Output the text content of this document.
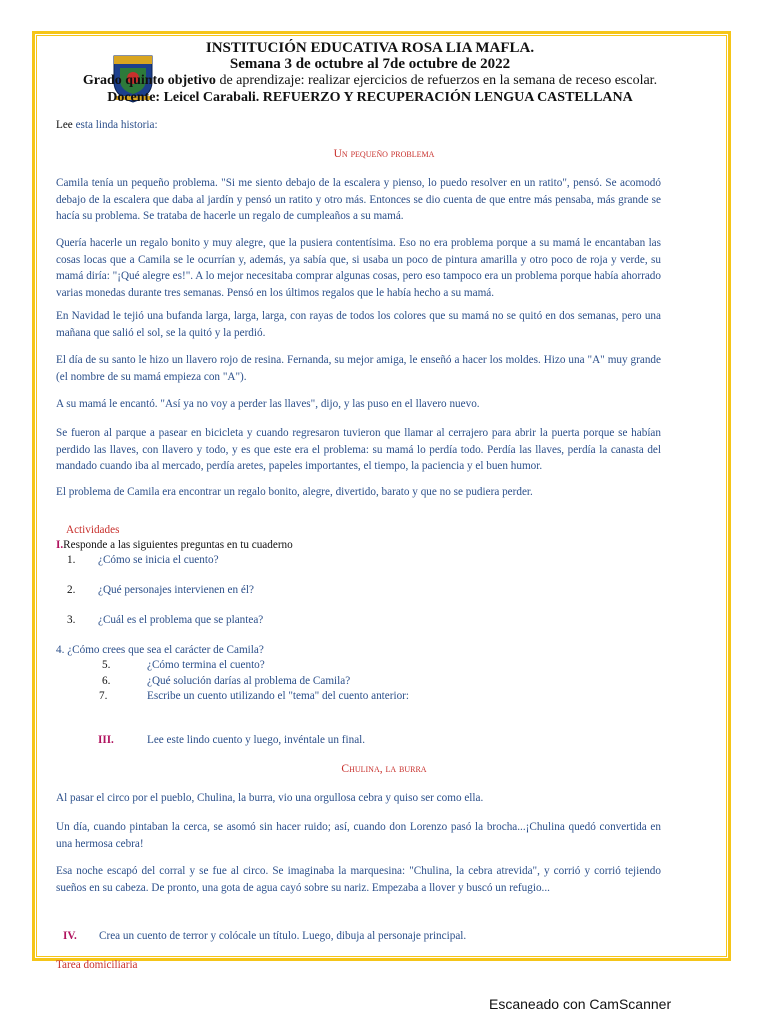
INSTITUCIÓN EDUCATIVA ROSA LIA MAFLA.
Semana 3 de octubre al 7de octubre de 2022
Grado quinto objetivo de aprendizaje: realizar ejercicios de refuerzos en la semana de receso escolar.
Docente: Leicel Carabali. REFUERZO Y RECUPERACIÓN LENGUA CASTELLANA
Lee esta linda historia:
Un pequeño problema
Camila tenía un pequeño problema. "Si me siento debajo de la escalera y pienso, lo puedo resolver en un ratito", pensó. Se acomodó debajo de la escalera que daba al jardín y pensó un ratito y otro más. Entonces se dio cuenta de que entre más pensaba, más grande se hacía su problema. Se trataba de hacerle un regalo de cumpleaños a su mamá.
Quería hacerle un regalo bonito y muy alegre, que la pusiera contentísima. Eso no era problema porque a su mamá le encantaban las cosas locas que a Camila se le ocurrían y, además, ya sabía que, si usaba un poco de pintura amarilla y otro poco de roja y verde, su mamá diría: "¡Qué alegre es!". A lo mejor necesitaba comprar algunas cosas, pero eso tampoco era un problema porque había ahorrado varias monedas durante tres semanas. Pensó en los últimos regalos que le había hecho a su mamá.
En Navidad le tejió una bufanda larga, larga, larga, con rayas de todos los colores que su mamá no se quitó en dos semanas, pero una mañana que salió el sol, se la quitó y la perdió.
El día de su santo le hizo un llavero rojo de resina. Fernanda, su mejor amiga, le enseñó a hacer los moldes. Hizo una "A" muy grande (el nombre de su mamá empieza con "A").
A su mamá le encantó. "Así ya no voy a perder las llaves", dijo, y las puso en el llavero nuevo.
Se fueron al parque a pasear en bicicleta y cuando regresaron tuvieron que llamar al cerrajero para abrir la puerta porque se habían perdido las llaves, con llavero y todo, y es que este era el problema: su mamá lo perdía todo. Perdía las llaves, perdía la canasta del mandado cuando iba al mercado, perdía aretes, papeles importantes, el tiempo, la paciencia y el buen humor.
El problema de Camila era encontrar un regalo bonito, alegre, divertido, barato y que no se pudiera perder.
Actividades
I.Responde a las siguientes preguntas en tu cuaderno
1. ¿Cómo se inicia el cuento?
2. ¿Qué personajes intervienen en él?
3. ¿Cuál es el problema que se plantea?
4. ¿Cómo crees que sea el carácter de Camila?
5.	¿Cómo termina el cuento?
6.	¿Qué solución darías al problema de Camila?
7.	Escribe un cuento utilizando el "tema" del cuento anterior:
III.	Lee este lindo cuento y luego, invéntale un final.
Chulina, la burra
Al pasar el circo por el pueblo, Chulina, la burra, vio una orgullosa cebra y quiso ser como ella.
Un día, cuando pintaban la cerca, se asomó sin hacer ruido; así, cuando don Lorenzo pasó la brocha...¡Chulina quedó convertida en una hermosa cebra!
Esa noche escapó del corral y se fue al circo. Se imaginaba la marquesina: "Chulina, la cebra atrevida", y corrió y corrió tejiendo sueños en su cabeza. De pronto, una gota de agua cayó sobre su nariz. Empezaba a llover y buscó un refugio...
IV. Crea un cuento de terror y colócale un título. Luego, dibuja al personaje principal.
Tarea domiciliaria
Escaneado con CamScanner
